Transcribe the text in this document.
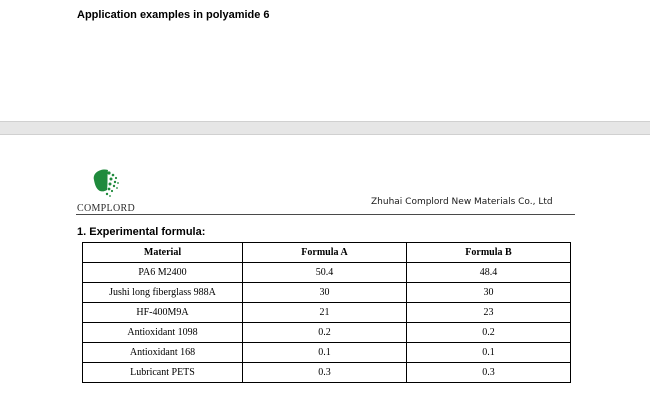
Application examples in polyamide 6
COMPLORD
Zhuhai Complord New Materials Co., Ltd
1. Experimental formula:
Material	Formula A	Formula B
PA6 M2400	50.4	48.4
Jushi long fiberglass 988A	30	30
HF-400M9A	21	23
Antioxidant 1098	0.2	0.2
Antioxidant 168	0.1	0.1
Lubricant PETS	0.3	0.3
